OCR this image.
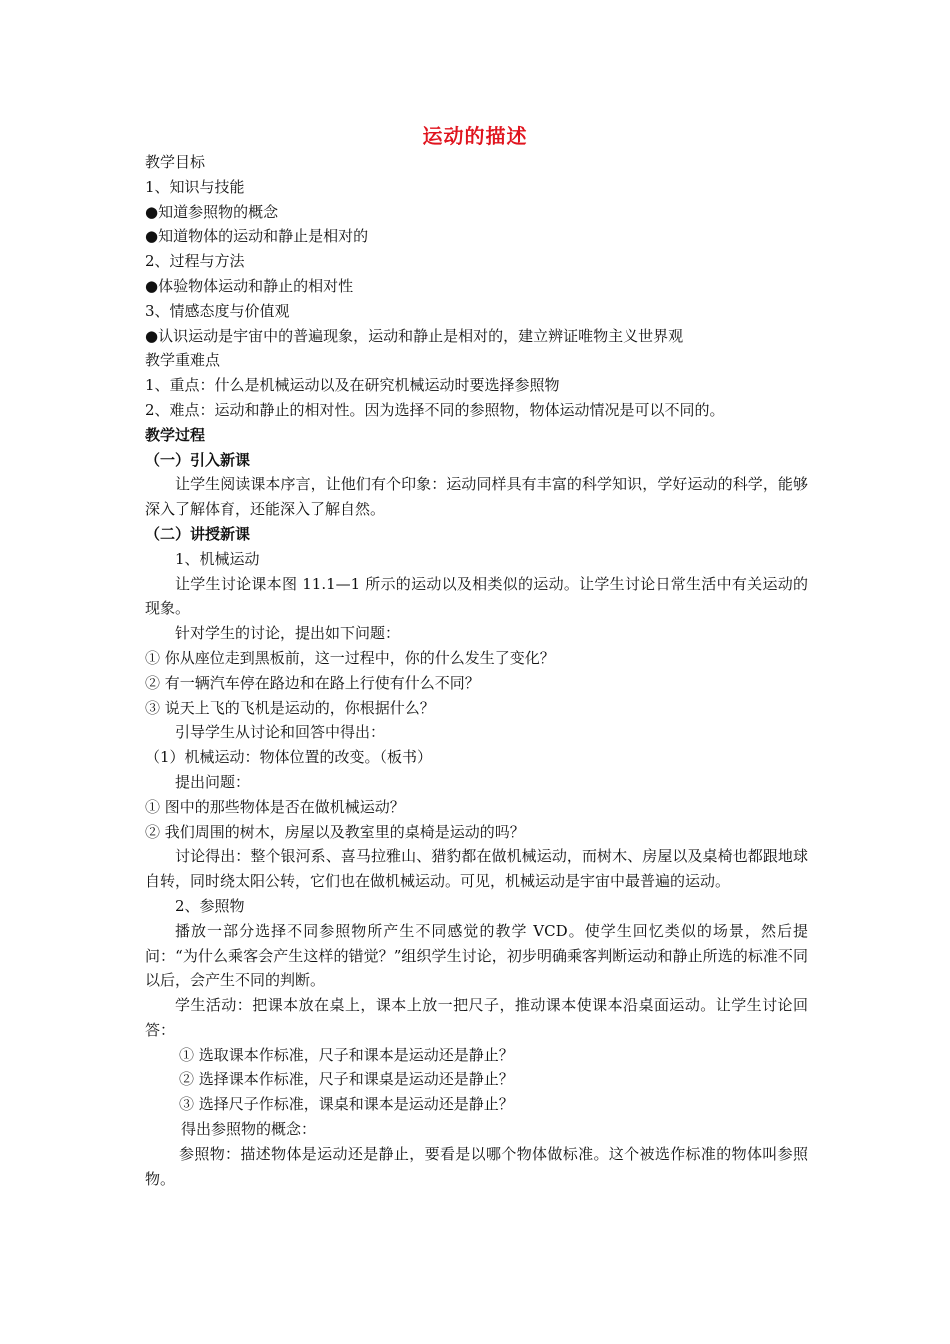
运动的描述

教学目标

1、知识与技能

●知道参照物的概念

●知道物体的运动和静止是相对的

2、过程与方法

●体验物体运动和静止的相对性

3、情感态度与价值观

●认识运动是宇宙中的普遍现象，运动和静止是相对的，建立辨证唯物主义世界观

教学重难点

1、重点：什么是机械运动以及在研究机械运动时要选择参照物

2、难点：运动和静止的相对性。因为选择不同的参照物，物体运动情况是可以不同的。

教学过程

（一）引入新课

让学生阅读课本序言，让他们有个印象：运动同样具有丰富的科学知识，学好运动的科学，能够深入了解体育，还能深入了解自然。

（二）讲授新课

1、机械运动

让学生讨论课本图 11.1—1 所示的运动以及相类似的运动。让学生讨论日常生活中有关运动的现象。

针对学生的讨论，提出如下问题：

① 你从座位走到黑板前，这一过程中，你的什么发生了变化？

② 有一辆汽车停在路边和在路上行使有什么不同？

③ 说天上飞的飞机是运动的，你根据什么？

引导学生从讨论和回答中得出：

（1）机械运动：物体位置的改变。（板书）

提出问题：

① 图中的那些物体是否在做机械运动？

② 我们周围的树木，房屋以及教室里的桌椅是运动的吗？

讨论得出：整个银河系、喜马拉雅山、猎豹都在做机械运动，而树木、房屋以及桌椅也都跟地球自转，同时绕太阳公转，它们也在做机械运动。可见，机械运动是宇宙中最普遍的运动。

2、参照物

播放一部分选择不同参照物所产生不同感觉的教学 VCD。使学生回忆类似的场景，然后提问：“为什么乘客会产生这样的错觉？”组织学生讨论，初步明确乘客判断运动和静止所选的标准不同以后，会产生不同的判断。

学生活动：把课本放在桌上，课本上放一把尺子，推动课本使课本沿桌面运动。让学生讨论回答：

① 选取课本作标准，尺子和课本是运动还是静止？

② 选择课本作标准，尺子和课桌是运动还是静止？

③ 选择尺子作标准，课桌和课本是运动还是静止？

得出参照物的概念：

参照物：描述物体是运动还是静止，要看是以哪个物体做标准。这个被选作标准的物体叫参照物。
